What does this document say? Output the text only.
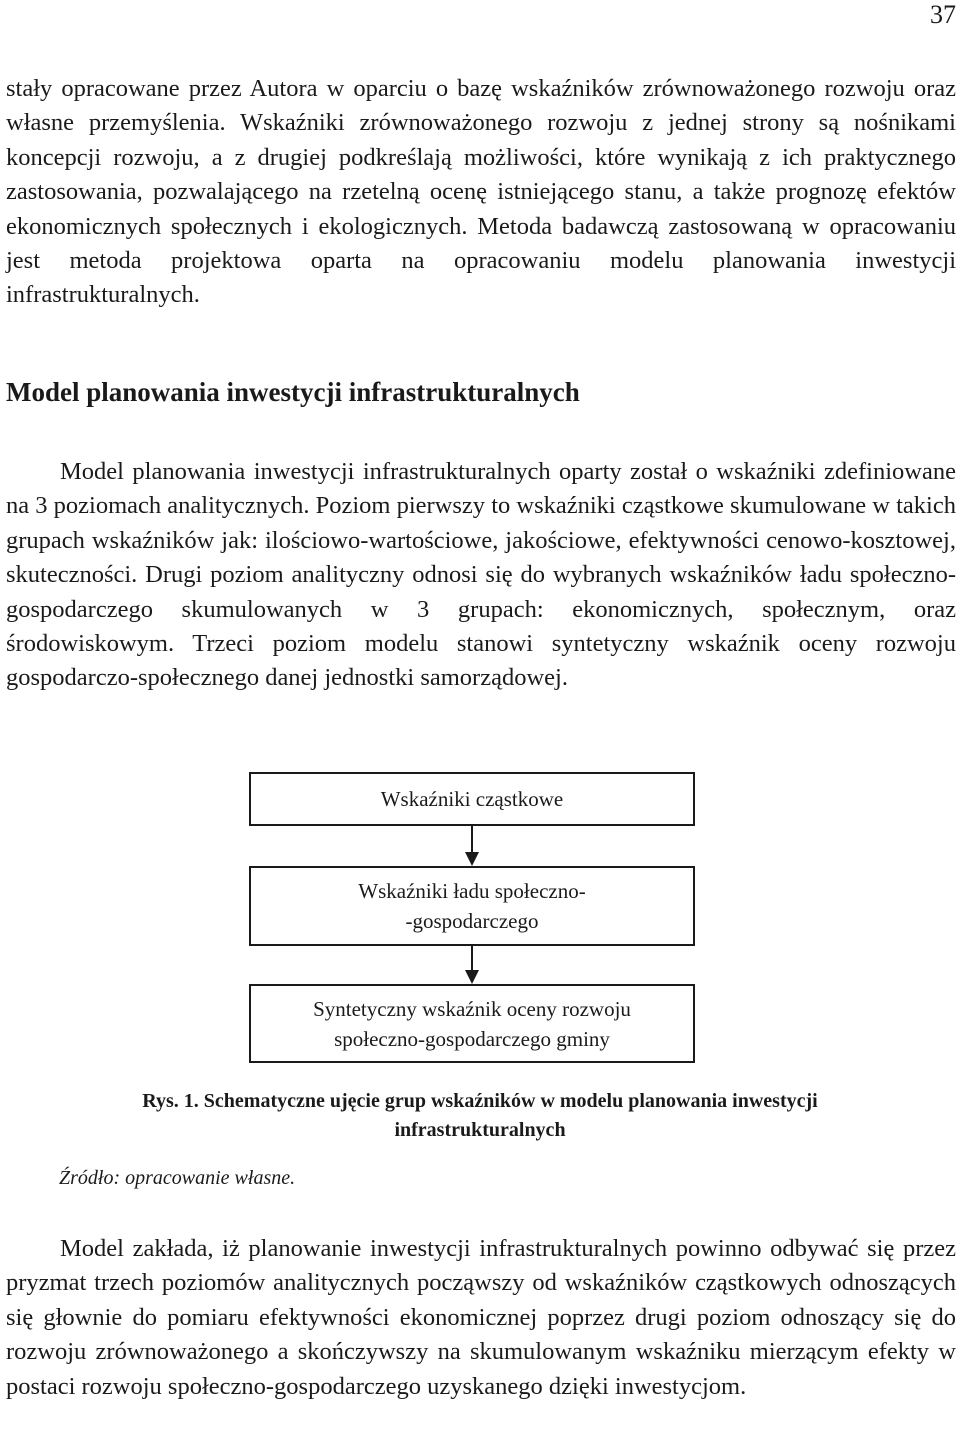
37

stały opracowane przez Autora w oparciu o bazę wskaźników zrównoważonego rozwoju oraz własne przemyślenia. Wskaźniki zrównoważonego rozwoju z jednej strony są nośnikami koncepcji rozwoju, a z drugiej podkreślają możliwości, które wynikają z ich praktycznego zastosowania, pozwalającego na rzetelną ocenę istniejącego stanu, a także prognozę efektów ekonomicznych społecznych i ekologicznych. Metoda badawczą zastosowaną w opracowaniu jest metoda projektowa oparta na opracowaniu modelu planowania inwestycji infrastrukturalnych.

Model planowania inwestycji infrastrukturalnych

Model planowania inwestycji infrastrukturalnych oparty został o wskaźniki zdefiniowane na 3 poziomach analitycznych. Poziom pierwszy to wskaźniki cząstkowe skumulowane w takich grupach wskaźników jak: ilościowo-wartościowe, jakościowe, efektywności cenowo-kosztowej, skuteczności. Drugi poziom analityczny odnosi się do wybranych wskaźników ładu społeczno-gospodarczego skumulowanych w 3 grupach: ekonomicznych, społecznym, oraz środowiskowym. Trzeci poziom modelu stanowi syntetyczny wskaźnik oceny rozwoju gospodarczo-społecznego danej jednostki samorządowej.

Wskaźniki cząstkowe
Wskaźniki ładu społeczno-
-gospodarczego
Syntetyczny wskaźnik oceny rozwoju
społeczno-gospodarczego gminy

Rys. 1. Schematyczne ujęcie grup wskaźników w modelu planowania inwestycji infrastrukturalnych

Źródło: opracowanie własne.

Model zakłada, iż planowanie inwestycji infrastrukturalnych powinno odbywać się przez pryzmat trzech poziomów analitycznych począwszy od wskaźników cząstkowych odnoszących się głownie do pomiaru efektywności ekonomicznej poprzez drugi poziom odnoszący się do rozwoju zrównoważonego a skończywszy na skumulowanym wskaźniku mierzącym efekty w postaci rozwoju społeczno-gospodarczego uzyskanego dzięki inwestycjom.
